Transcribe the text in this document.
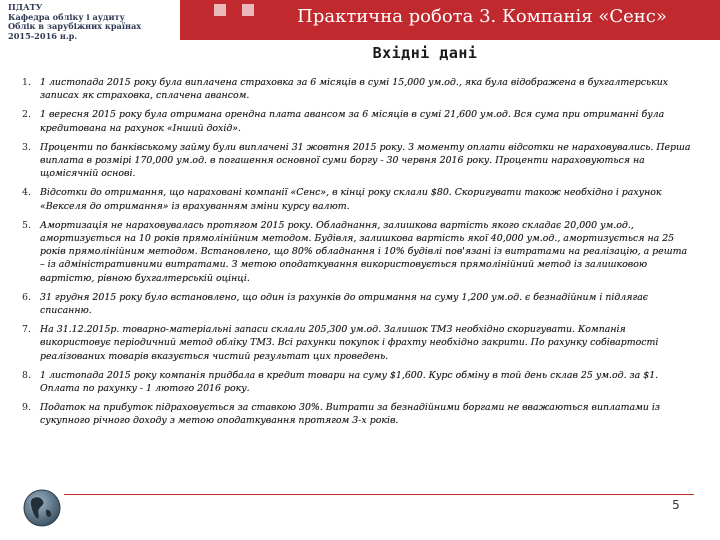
ПДАТУ
Кафедра обліку і аудиту
Облік в зарубіжних країнах
2015-2016 н.р.
Практична робота 3. Компанія «Сенс»
Вхідні дані
1. 1 листопада 2015 року була виплачена страховка за 6 місяців в сумі 15,000 ум.од., яка була відображена в бухгалтерських записах як страховка, сплачена авансом.
2. 1 вересня 2015 року була отримана орендна плата авансом за 6 місяців в сумі 21,600 ум.од. Вся сума при отриманні була кредитована на рахунок «Інший дохід».
3. Проценти по банківському займу були виплачені 31 жовтня 2015 року. З моменту оплати відсотки не нараховувались. Перша виплата в розмірі 170,000 ум.од. в погашення основної суми боргу - 30 червня 2016 року. Проценти нараховуються на щомісячній основі.
4. Відсотки до отримання, що нараховані компанії «Сенс», в кінці року склали $80. Скоригувати також необхідно і рахунок «Векселя до отримання» із врахуванням зміни курсу валют.
5. Амортизація не нараховувалась протягом 2015 року. Обладнання, залишкова вартість якого складає 20,000 ум.од., амортизується на 10 років прямолінійним методом. Будівля, залишкова вартість якої 40,000 ум.од., амортизується на 25 років прямолінійним методом. Встановлено, що 80% обладнання і 10% будівлі пов'язані із витратами на реалізацію, а решта – із адміністративними витратами. З метою оподаткування використовується прямолінійний метод із залишковою вартістю, рівною бухгалтерській оцінці.
6. 31 грудня 2015 року було встановлено, що один із рахунків до отримання на суму 1,200 ум.од. є безнадійним і підлягає списанню.
7. На 31.12.2015р. товарно-матеріальні запаси склали 205,300 ум.од. Залишок ТМЗ необхідно скоригувати. Компанія використовує періодичний метод обліку ТМЗ. Всі рахунки покупок і фрахту необхідно закрити. По рахунку собівартості реалізованих товарів вказується чистий результат цих проведень.
8. 1 листопада 2015 року компанія придбала в кредит товари на суму $1,600. Курс обміну в той день склав 25 ум.од. за $1. Оплата по рахунку - 1 лютого 2016 року.
9. Податок на прибуток підраховується за ставкою 30%. Витрати за безнадійними боргами не вважаються виплатами із сукупного річного доходу з метою оподаткування протягом 3-х років.
5
